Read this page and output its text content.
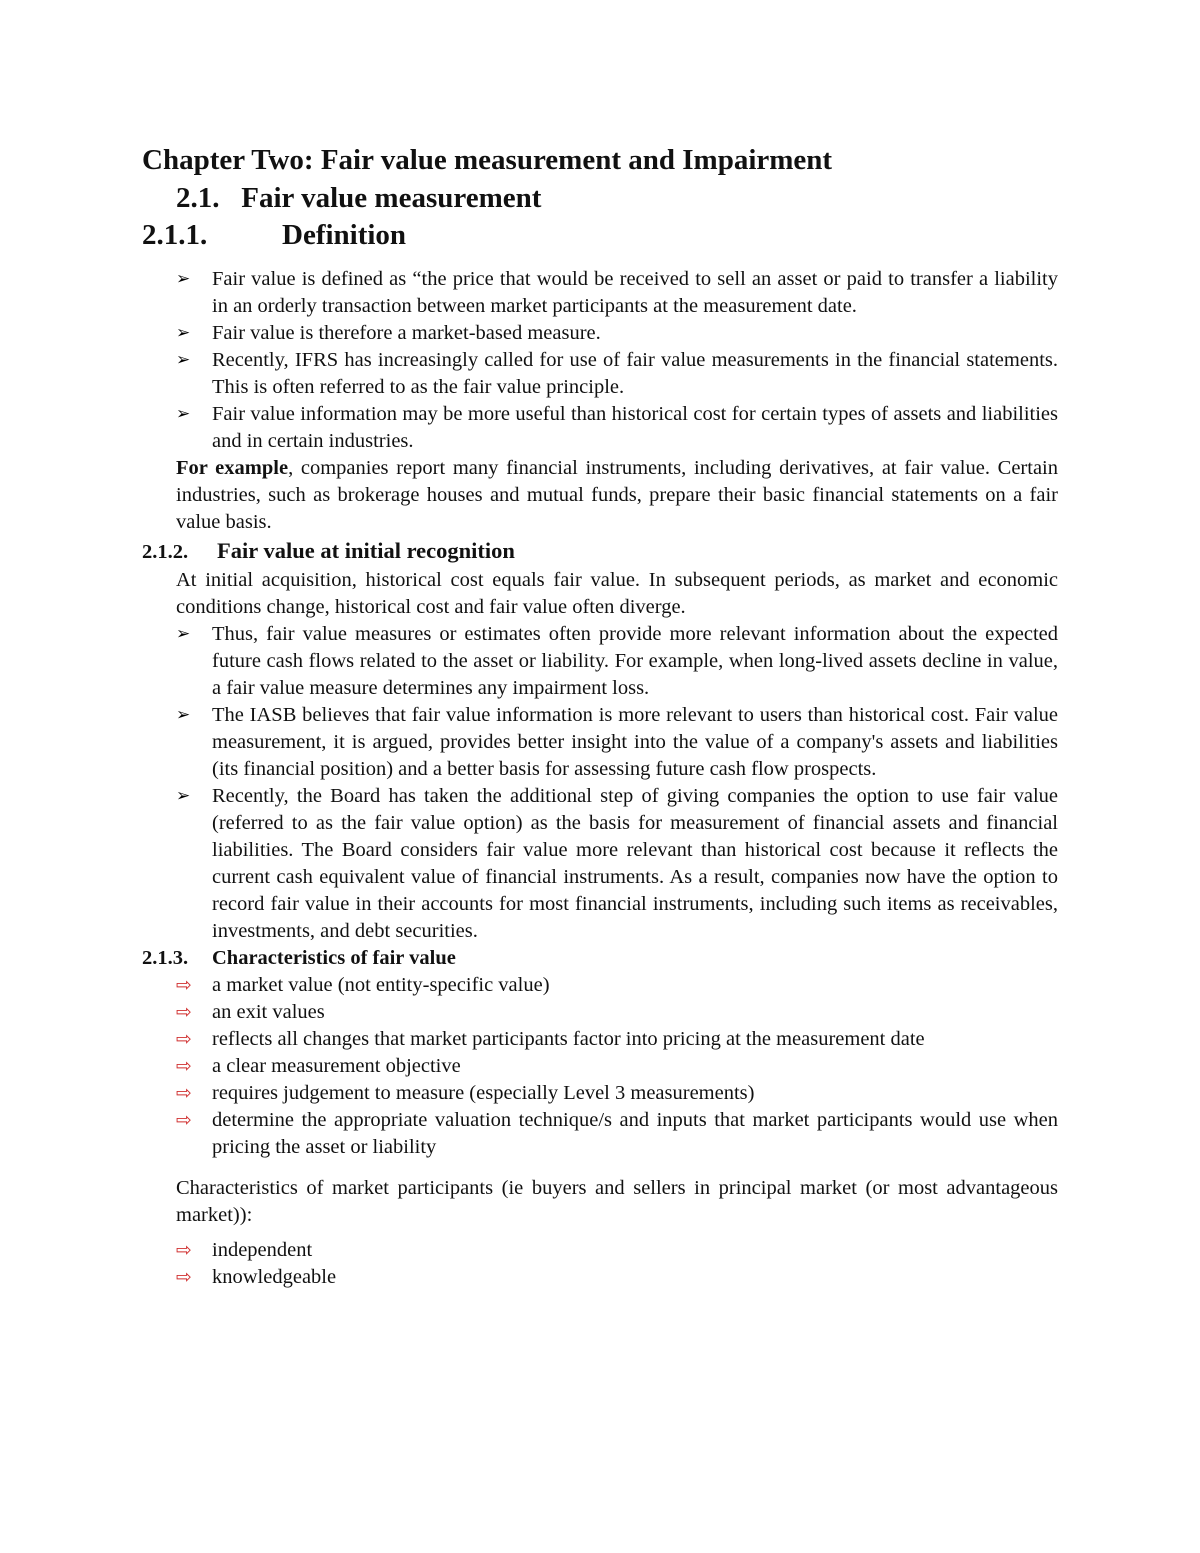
Chapter Two: Fair value measurement and Impairment
2.1. Fair value measurement
2.1.1.	Definition
➢	Fair value is defined as “the price that would be received to sell an asset or paid to transfer a liability in an orderly transaction between market participants at the measurement date.
➢	Fair value is therefore a market-based measure.
➢	Recently, IFRS has increasingly called for use of fair value measurements in the financial statements. This is often referred to as the fair value principle.
➢	Fair value information may be more useful than historical cost for certain types of assets and liabilities and in certain industries.

For example, companies report many financial instruments, including derivatives, at fair value. Certain industries, such as brokerage houses and mutual funds, prepare their basic financial statements on a fair value basis.

2.1.2. Fair value at initial recognition

At initial acquisition, historical cost equals fair value. In subsequent periods, as market and economic conditions change, historical cost and fair value often diverge.

➢	Thus, fair value measures or estimates often provide more relevant information about the expected future cash flows related to the asset or liability. For example, when long-lived assets decline in value, a fair value measure determines any impairment loss.
➢	The IASB believes that fair value information is more relevant to users than historical cost. Fair value measurement, it is argued, provides better insight into the value of a company's assets and liabilities (its financial position) and a better basis for assessing future cash flow prospects.
➢	Recently, the Board has taken the additional step of giving companies the option to use fair value (referred to as the fair value option) as the basis for measurement of financial assets and financial liabilities. The Board considers fair value more relevant than historical cost because it reflects the current cash equivalent value of financial instruments. As a result, companies now have the option to record fair value in their accounts for most financial instruments, including such items as receivables, investments, and debt securities.
2.1.3. Characteristics of fair value
⇨ a market value (not entity-specific value)
⇨ an exit values
⇨ reflects all changes that market participants factor into pricing at the measurement date
⇨ a clear measurement objective
⇨ requires judgement to measure (especially Level 3 measurements)
⇨ determine the appropriate valuation technique/s and inputs that market participants would use when pricing the asset or liability

Characteristics of market participants (ie buyers and sellers in principal market (or most advantageous market)):

⇨ independent
⇨ knowledgeable
